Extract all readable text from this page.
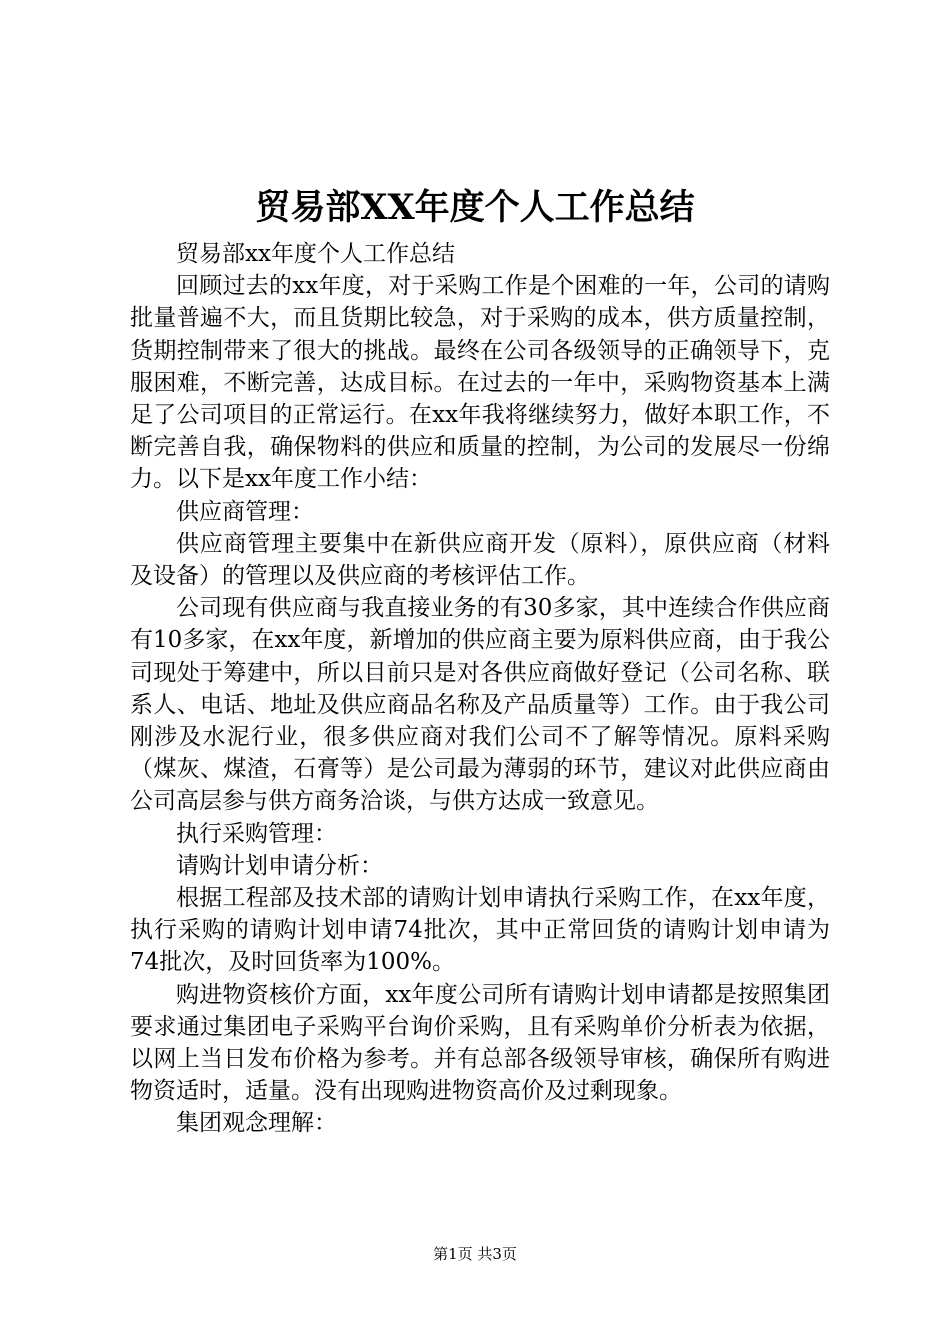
贸易部XX年度个人工作总结

贸易部xx年度个人工作总结

回顾过去的xx年度，对于采购工作是个困难的一年，公司的请购批量普遍不大，而且货期比较急，对于采购的成本，供方质量控制，货期控制带来了很大的挑战。最终在公司各级领导的正确领导下，克服困难，不断完善，达成目标。在过去的一年中，采购物资基本上满足了公司项目的正常运行。在xx年我将继续努力，做好本职工作，不断完善自我，确保物料的供应和质量的控制，为公司的发展尽一份绵力。以下是xx年度工作小结：

供应商管理：

供应商管理主要集中在新供应商开发（原料），原供应商（材料及设备）的管理以及供应商的考核评估工作。

公司现有供应商与我直接业务的有30多家，其中连续合作供应商有10多家，在xx年度，新增加的供应商主要为原料供应商，由于我公司现处于筹建中，所以目前只是对各供应商做好登记（公司名称、联系人、电话、地址及供应商品名称及产品质量等）工作。由于我公司刚涉及水泥行业，很多供应商对我们公司不了解等情况。原料采购（煤灰、煤渣，石膏等）是公司最为薄弱的环节，建议对此供应商由公司高层参与供方商务洽谈，与供方达成一致意见。

执行采购管理：

请购计划申请分析：

根据工程部及技术部的请购计划申请执行采购工作，在xx年度，执行采购的请购计划申请74批次，其中正常回货的请购计划申请为74批次，及时回货率为100%。

购进物资核价方面，xx年度公司所有请购计划申请都是按照集团要求通过集团电子采购平台询价采购，且有采购单价分析表为依据，以网上当日发布价格为参考。并有总部各级领导审核，确保所有购进物资适时，适量。没有出现购进物资高价及过剩现象。

集团观念理解：

第1页 共3页
